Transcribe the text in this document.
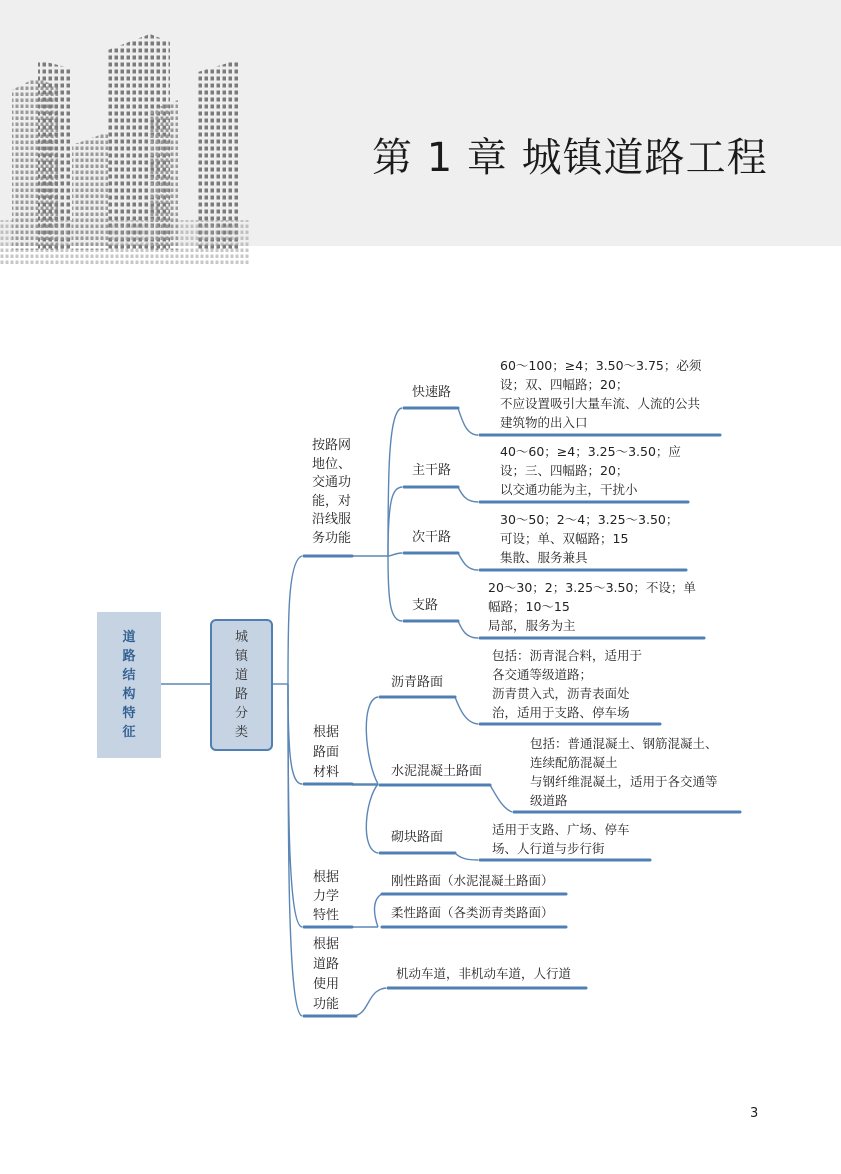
第 1 章 城镇道路工程
道路结构特征
城镇道路分类
按路网
地位、
交通功
能，对
沿线服
务功能
快速路
主干路
次干路
支路
60～100；≥4；3.50～3.75；必须
设；双、四幅路；20；
不应设置吸引大量车流、人流的公共
建筑物的出入口
40～60；≥4；3.25～3.50；应
设；三、四幅路；20；
以交通功能为主，干扰小
30～50；2～4；3.25～3.50；
可设；单、双幅路；15
集散、服务兼具
20～30；2；3.25～3.50；不设；单
幅路；10～15
局部，服务为主
根据
路面
材料
沥青路面
水泥混凝土路面
砌块路面
包括：沥青混合料，适用于
各交通等级道路；
沥青贯入式，沥青表面处
治，适用于支路、停车场
包括：普通混凝土、钢筋混凝土、
连续配筋混凝土
与钢纤维混凝土，适用于各交通等
级道路
适用于支路、广场、停车
场、人行道与步行街
根据
力学
特性
刚性路面（水泥混凝土路面）
柔性路面（各类沥青类路面）
根据
道路
使用
功能
机动车道，非机动车道，人行道
3
